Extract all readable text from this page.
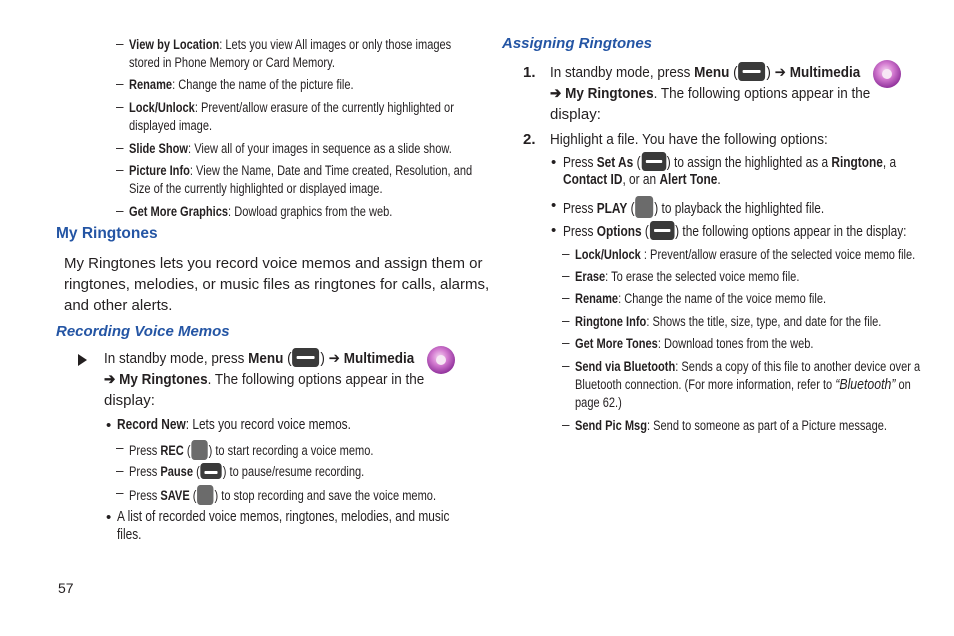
– View by Location: Lets you view All images or only those images
stored in Phone Memory or Card Memory.
– Rename: Change the name of the picture file.
– Lock/Unlock: Prevent/allow erasure of the currently highlighted or
displayed image.
– Slide Show: View all of your images in sequence as a slide show.
– Picture Info: View the Name, Date and Time created, Resolution, and
Size of the currently highlighted or displayed image.
– Get More Graphics: Dowload graphics from the web.
My Ringtones
My Ringtones lets you record voice memos and assign them or
ringtones, melodies, or music files as ringtones for calls, alarms,
and other alerts.
Recording Voice Memos
In standby mode, press Menu ( ) ➔ Multimedia
➔ My Ringtones. The following options appear in the
display:
• Record New: Lets you record voice memos.
– Press REC ( ) to start recording a voice memo.
– Press Pause ( ) to pause/resume recording.
– Press SAVE ( ) to stop recording and save the voice memo.
• A list of recorded voice memos, ringtones, melodies, and music
files.
57
Assigning Ringtones
1. In standby mode, press Menu ( ) ➔ Multimedia
➔ My Ringtones. The following options appear in the
display:
2. Highlight a file. You have the following options:
• Press Set As ( ) to assign the highlighted as a Ringtone, a
Contact ID, or an Alert Tone.
• Press PLAY ( ) to playback the highlighted file.
• Press Options ( ) the following options appear in the display:
– Lock/Unlock : Prevent/allow erasure of the selected voice memo file.
– Erase: To erase the selected voice memo file.
– Rename: Change the name of the voice memo file.
– Ringtone Info: Shows the title, size, type, and date for the file.
– Get More Tones: Download tones from the web.
– Send via Bluetooth: Sends a copy of this file to another device over a
Bluetooth connection. (For more information, refer to “Bluetooth” on
page 62.)
– Send Pic Msg: Send to someone as part of a Picture message.
